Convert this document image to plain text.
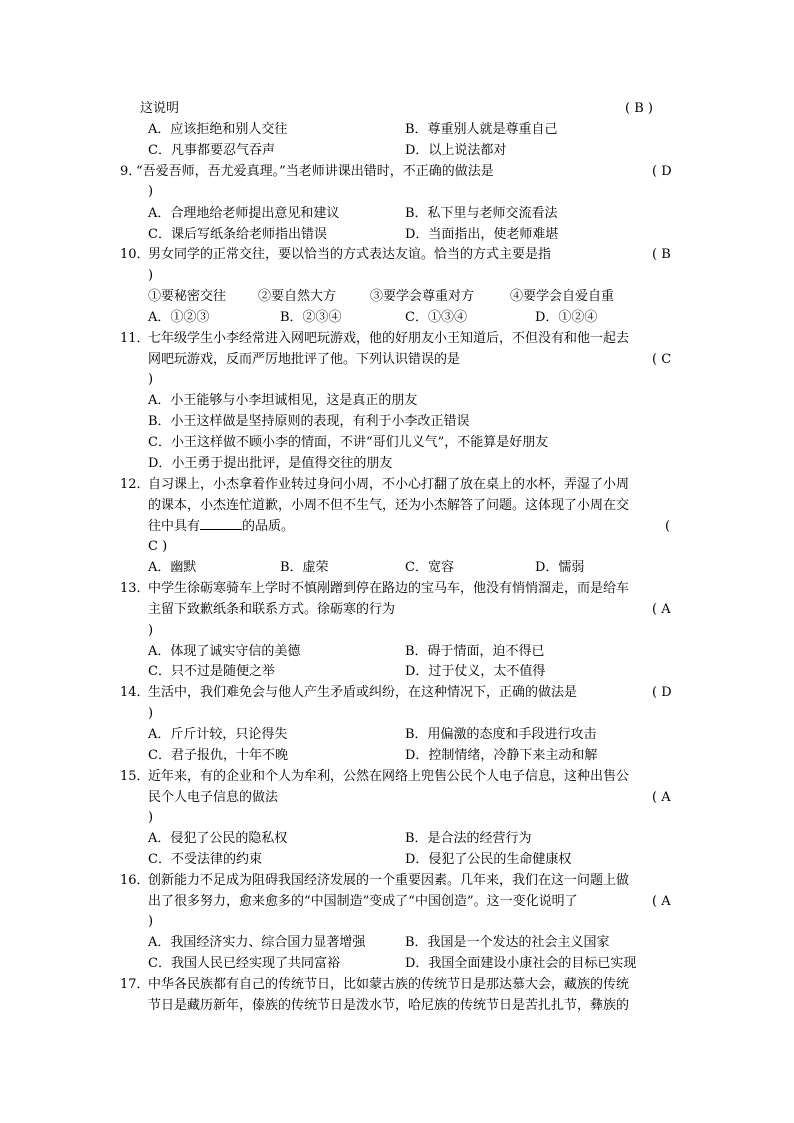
这说明	( B )
A．应该拒绝和别人交往	B．尊重别人就是尊重自己
C．凡事都要忍气吞声	D．以上说法都对
9．
“吾爱吾师，吾尤爱真理。”当老师讲课出错时，不正确的做法是	( D
)
A．合理地给老师提出意见和建议	B．私下里与老师交流看法
C．课后写纸条给老师指出错误	D．当面指出，使老师难堪
10．
男女同学的正常交往，要以恰当的方式表达友谊。恰当的方式主要是指	( B
)
①要秘密交往 ②要自然大方	③要学会尊重对方	④要学会自爱自重
A．①②③	B．②③④	C．①③④	D．①②④
11．
七年级学生小李经常进入网吧玩游戏，他的好朋友小王知道后，不但没有和他一起去
网吧玩游戏，反而严厉地批评了他。下列认识错误的是	( C
)
A．小王能够与小李坦诚相见，这是真正的朋友
B．小王这样做是坚持原则的表现，有利于小李改正错误
C．小王这样做不顾小李的情面，不讲“哥们儿义气”，不能算是好朋友
D．小王勇于提出批评，是值得交往的朋友
12．
自习课上，小杰拿着作业转过身问小周，不小心打翻了放在桌上的水杯，弄湿了小周
的课本，小杰连忙道歉，小周不但不生气，还为小杰解答了问题。这体现了小周在交
往中具有	的品质。	(
C )
A．幽默	B．虚荣	C．宽容	D．懦弱
13．
中学生徐砺寒骑车上学时不慎剐蹭到停在路边的宝马车，他没有悄悄溜走，而是给车
主留下致歉纸条和联系方式。徐砺寒的行为	( A
)
A．体现了诚实守信的美德	B．碍于情面，迫不得已
C．只不过是随便之举	D．过于仗义，太不值得
14．
生活中，我们难免会与他人产生矛盾或纠纷，在这种情况下，正确的做法是	( D
)
A．斤斤计较，只论得失	B．用偏激的态度和手段进行攻击
C．君子报仇，十年不晚	D．控制情绪，冷静下来主动和解
15．
近年来，有的企业和个人为牟利，公然在网络上兜售公民个人电子信息，这种出售公
民个人电子信息的做法	( A
)
A．侵犯了公民的隐私权	B．是合法的经营行为
C．不受法律的约束	D．侵犯了公民的生命健康权
16．
创新能力不足成为阻碍我国经济发展的一个重要因素。几年来，我们在这一问题上做
出了很多努力，愈来愈多的“中国制造”变成了“中国创造”。这一变化说明了	( A
)
A．我国经济实力、综合国力显著增强	B．我国是一个发达的社会主义国家
C．我国人民已经实现了共同富裕	D．我国全面建设小康社会的目标已实现
17．
中华各民族都有自己的传统节日，比如蒙古族的传统节日是那达慕大会，藏族的传统
节日是藏历新年，傣族的传统节日是泼水节，哈尼族的传统节日是苦扎扎节，彝族的
